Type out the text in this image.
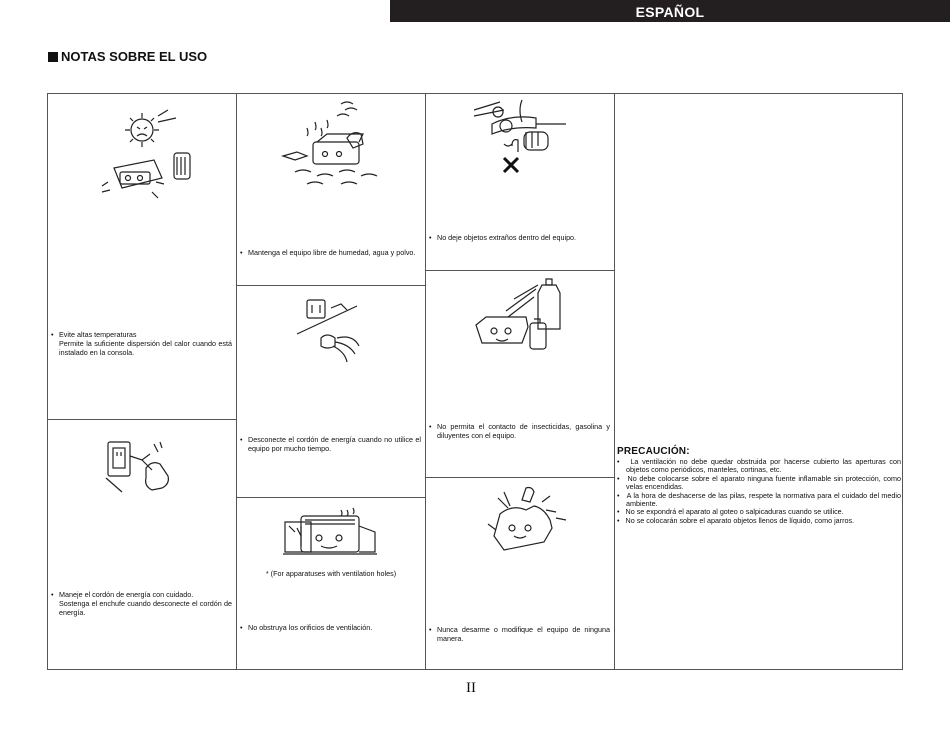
ESPAÑOL
NOTAS SOBRE EL USO
• Evite altas temperaturas
Permite la suficiente dispersión del calor cuando está instalado en la consola.
• Maneje el cordón de energía con cuidado.
Sostenga el enchufe cuando desconecte el cordón de energía.
• Mantenga el equipo libre de humedad, agua y polvo.
• Desconecte el cordón de energía cuando no utilice el equipo por mucho tiempo.
* (For apparatuses with ventilation holes)
• No obstruya los orificios de ventilación.
• No deje objetos extraños dentro del equipo.
• No permita el contacto de insecticidas, gasolina y diluyentes con el equipo.
• Nunca desarme o modifique el equipo de ninguna manera.
PRECAUCIÓN:
•   La ventilación no debe quedar obstruida por hacerse cubierto las aperturas con objetos como periódicos, manteles, cortinas, etc.
•   No debe colocarse sobre el aparato ninguna fuente inflamable sin protección, como velas encendidas.
•   A la hora de deshacerse de las pilas, respete la normativa para el cuidado del medio ambiente.
•   No se expondrá el aparato al goteo o salpicaduras cuando se utilice.
•   No se colocarán sobre el aparato objetos llenos de líquido, como jarros.
II
